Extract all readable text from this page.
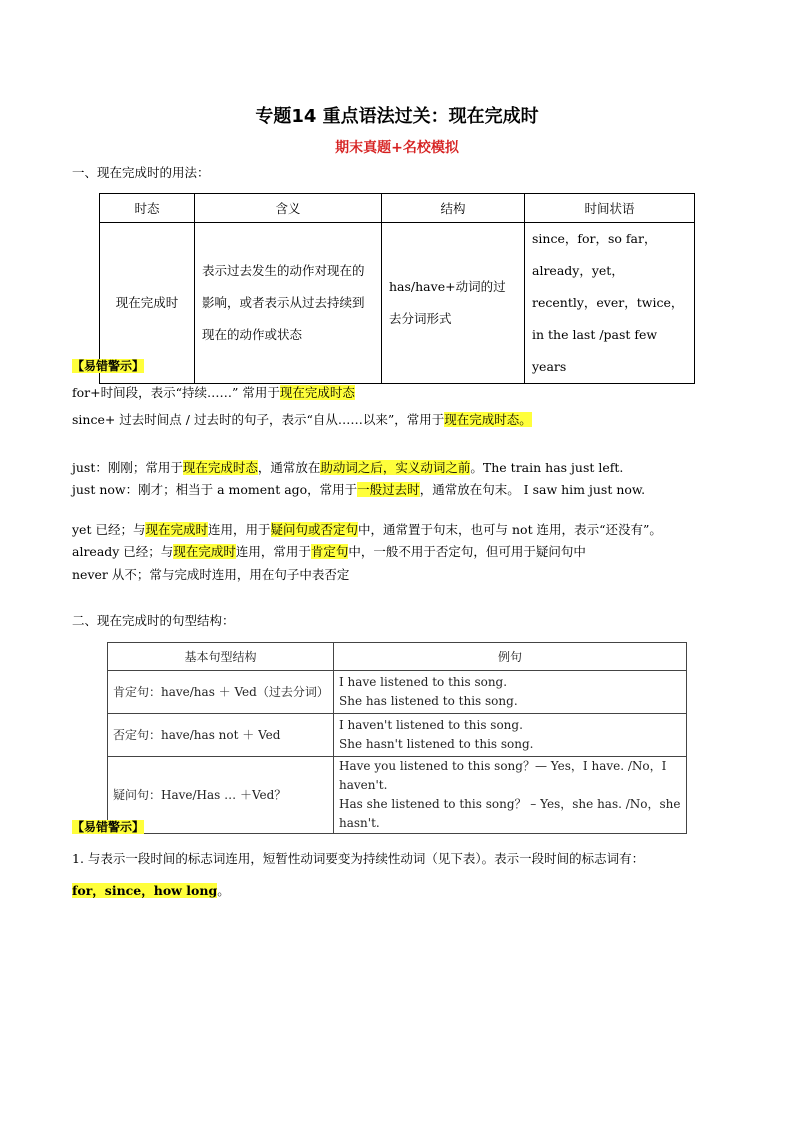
专题14 重点语法过关：现在完成时
期末真题+名校模拟
一、现在完成时的用法：
时态	含义	结构	时间状语
现在完成时	表示过去发生的动作对现在的影响，或者表示从过去持续到现在的动作或状态	has/have+动词的过去分词形式	since，for，so far，already，yet，recently，ever，twice，in the last /past few years
【易错警示】
for+时间段，表示“持续……” 常用于现在完成时态
since+ 过去时间点 / 过去时的句子，表示“自从……以来”，常用于现在完成时态。
just：刚刚；常用于现在完成时态，通常放在助动词之后，实义动词之前。The train has just left.
just now：刚才；相当于 a moment ago，常用于一般过去时，通常放在句末。 I saw him just now.
yet 已经；与现在完成时连用，用于疑问句或否定句中，通常置于句末，也可与 not 连用，表示“还没有”。
already 已经；与现在完成时连用，常用于肯定句中，一般不用于否定句，但可用于疑问句中
never 从不；常与完成时连用，用在句子中表否定
二、现在完成时的句型结构：
基本句型结构	例句
肯定句：have/has ＋ Ved（过去分词）	I have listened to this song.
She has listened to this song.

否定句：have/has not ＋ Ved	I haven't listened to this song.
She hasn't listened to this song.

疑问句：Have/Has … ＋Ved？	Have you listened to this song？— Yes，I have. /No，I haven't.
Has she listened to this song？ – Yes，she has. /No，she hasn't.
【易错警示】
1. 与表示一段时间的标志词连用，短暂性动词要变为持续性动词（见下表）。表示一段时间的标志词有：
for，since，how long。
